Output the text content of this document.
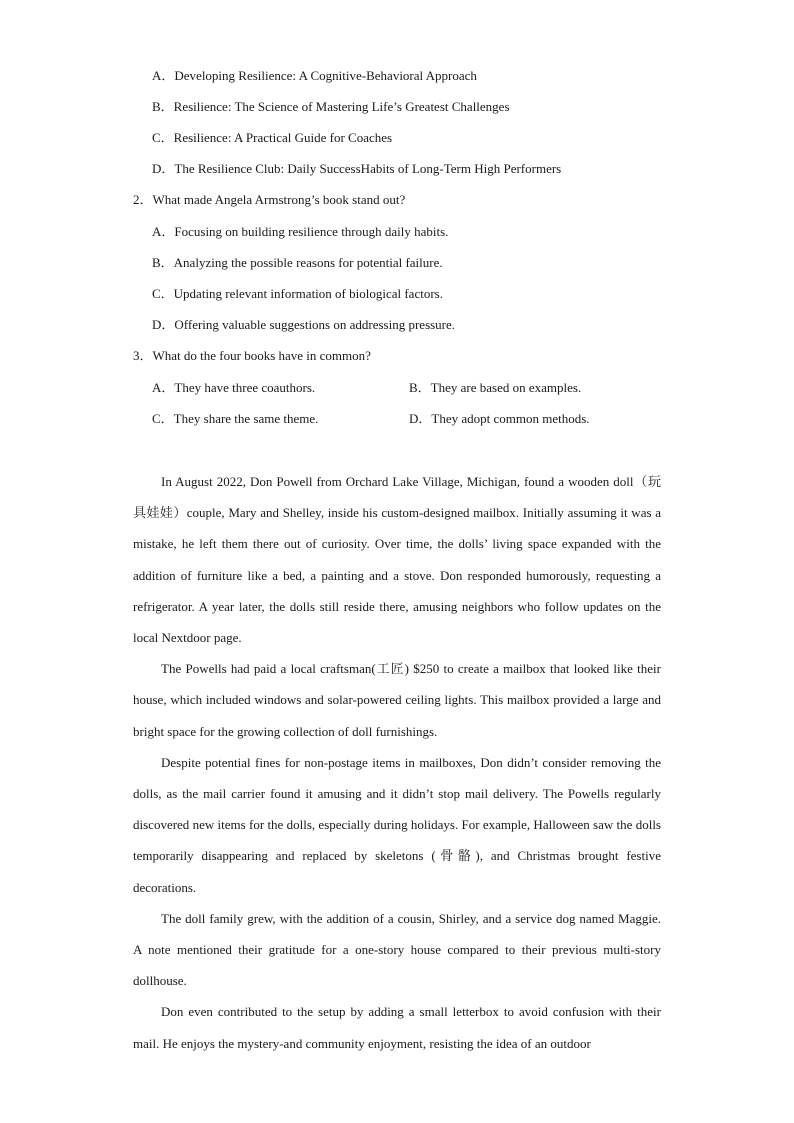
A．Developing Resilience: A Cognitive-Behavioral Approach
B．Resilience: The Science of Mastering Life’s Greatest Challenges
C．Resilience: A Practical Guide for Coaches
D．The Resilience Club: Daily SuccessHabits of Long-Term High Performers
2．What made Angela Armstrong’s book stand out?
A．Focusing on building resilience through daily habits.
B．Analyzing the possible reasons for potential failure.
C．Updating relevant information of biological factors.
D．Offering valuable suggestions on addressing pressure.
3．What do the four books have in common?
A．They have three coauthors.	B．They are based on examples.
C．They share the same theme.	D．They adopt common methods.

In August 2022, Don Powell from Orchard Lake Village, Michigan, found a wooden doll（玩具娃娃）couple, Mary and Shelley, inside his custom-designed mailbox. Initially assuming it was a mistake, he left them there out of curiosity. Over time, the dolls’ living space expanded with the addition of furniture like a bed, a painting and a stove. Don responded humorously, requesting a refrigerator. A year later, the dolls still reside there, amusing neighbors who follow updates on the local Nextdoor page.

The Powells had paid a local craftsman(工匠) $250 to create a mailbox that looked like their house, which included windows and solar-powered ceiling lights. This mailbox provided a large and bright space for the growing collection of doll furnishings.

Despite potential fines for non-postage items in mailboxes, Don didn’t consider removing the dolls, as the mail carrier found it amusing and it didn’t stop mail delivery. The Powells regularly discovered new items for the dolls, especially during holidays. For example, Halloween saw the dolls temporarily disappearing and replaced by skeletons (骨骼), and Christmas brought festive decorations.

The doll family grew, with the addition of a cousin, Shirley, and a service dog named Maggie. A note mentioned their gratitude for a one-story house compared to their previous multi-story dollhouse.

Don even contributed to the setup by adding a small letterbox to avoid confusion with their mail. He enjoys the mystery-and community enjoyment, resisting the idea of an outdoor
